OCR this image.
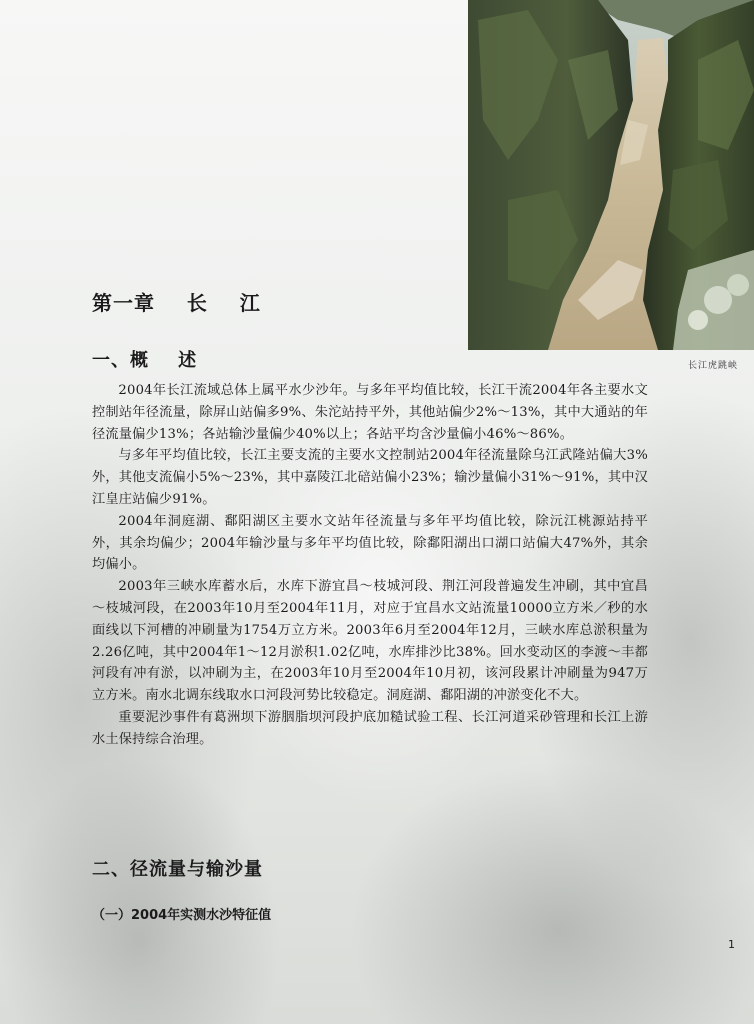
长江虎跳峡
第一章    长    江
一、概    述

2004年长江流域总体上属平水少沙年。与多年平均值比较，长江干流2004年各主要水文控制站年径流量，除屏山站偏多9%、朱沱站持平外，其他站偏少2%～13%，其中大通站的年径流量偏少13%；各站输沙量偏少40%以上；各站平均含沙量偏小46%～86%。

与多年平均值比较，长江主要支流的主要水文控制站2004年径流量除乌江武隆站偏大3%外，其他支流偏小5%～23%，其中嘉陵江北碚站偏小23%；输沙量偏小31%～91%，其中汉江皇庄站偏少91%。

2004年洞庭湖、鄱阳湖区主要水文站年径流量与多年平均值比较，除沅江桃源站持平外，其余均偏少；2004年输沙量与多年平均值比较，除鄱阳湖出口湖口站偏大47%外，其余均偏小。

2003年三峡水库蓄水后，水库下游宜昌～枝城河段、荆江河段普遍发生冲刷，其中宜昌～枝城河段，在2003年10月至2004年11月，对应于宜昌水文站流量10000立方米／秒的水面线以下河槽的冲刷量为1754万立方米。2003年6月至2004年12月，三峡水库总淤积量为2.26亿吨，其中2004年1～12月淤积1.02亿吨，水库排沙比38%。回水变动区的李渡～丰都河段有冲有淤，以冲刷为主，在2003年10月至2004年10月初，该河段累计冲刷量为947万立方米。南水北调东线取水口河段河势比较稳定。洞庭湖、鄱阳湖的冲淤变化不大。

重要泥沙事件有葛洲坝下游胭脂坝河段护底加糙试验工程、长江河道采砂管理和长江上游水土保持综合治理。

二、径流量与输沙量
（一）2004年实测水沙特征值
1
